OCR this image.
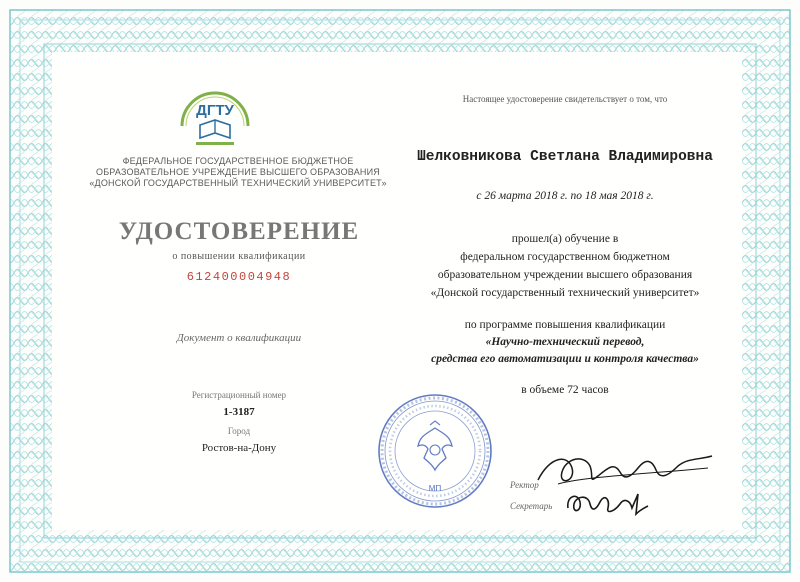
ДГТУ
ФЕДЕРАЛЬНОЕ ГОСУДАРСТВЕННОЕ БЮДЖЕТНОЕ
ОБРАЗОВАТЕЛЬНОЕ УЧРЕЖДЕНИЕ ВЫСШЕГО ОБРАЗОВАНИЯ
«ДОНСКОЙ ГОСУДАРСТВЕННЫЙ ТЕХНИЧЕСКИЙ УНИВЕРСИТЕТ»
УДОСТОВЕРЕНИЕ
о повышении квалификации
612400004948
Документ о квалификации
Регистрационный номер
1-3187
Город
Ростов-на-Дону
Настоящее удостоверение свидетельствует о том, что
Шелковникова Светлана Владимировна
с 26 марта 2018 г. по 18 мая 2018 г.
прошел(а) обучение в
федеральном государственном бюджетном
образовательном учреждении высшего образования
«Донской государственный технический университет»
по программе повышения квалификации
«Научно-технический перевод,
средства его автоматизации и контроля качества»
в объеме 72 часов
МП	Ректор
Секретарь
